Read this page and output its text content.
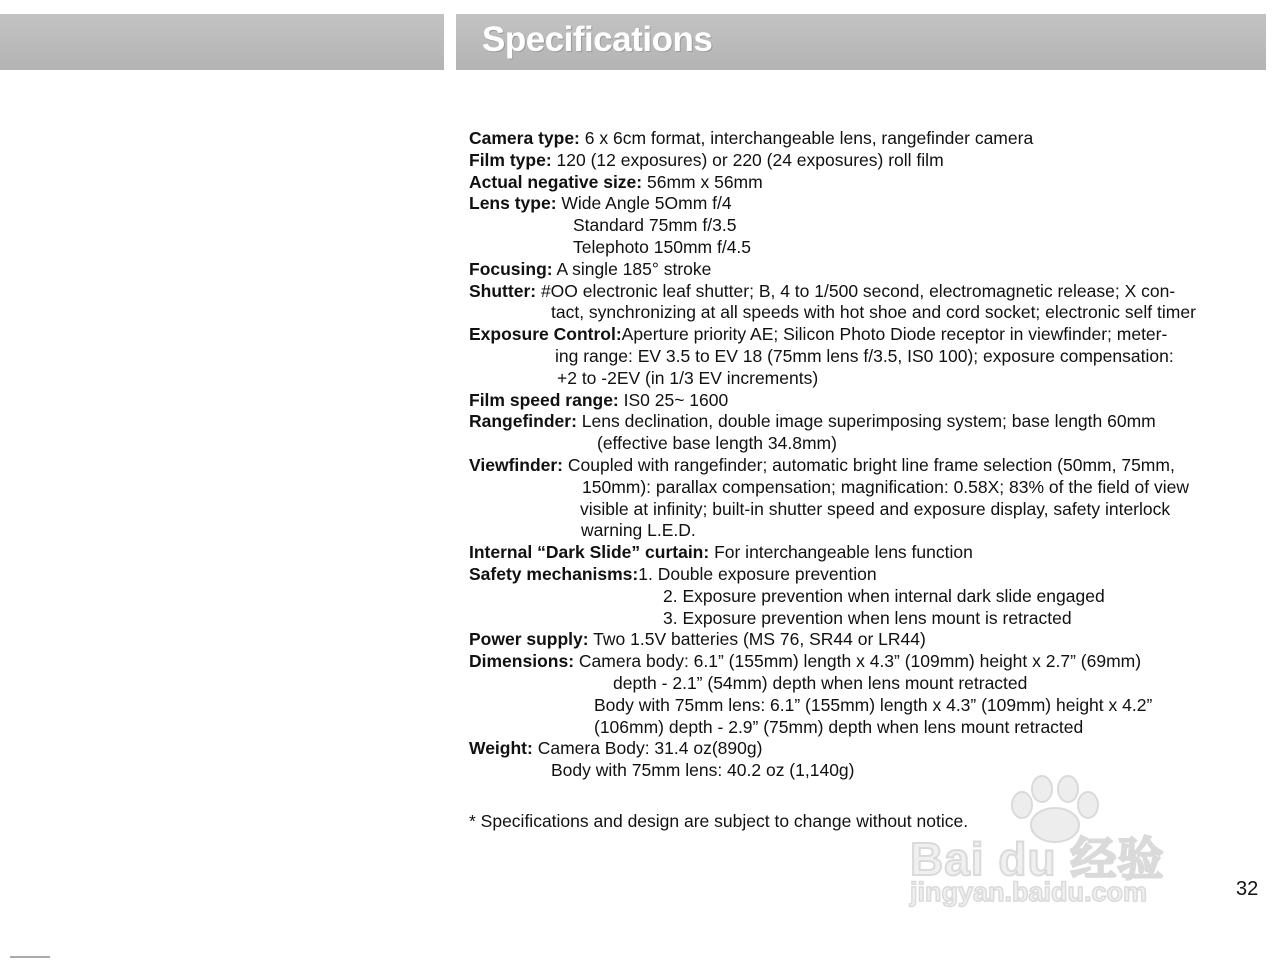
Specifications
Camera type: 6 x 6cm format, interchangeable lens, rangefinder camera
Film type: 120 (12 exposures) or 220 (24 exposures) roll film
Actual negative size: 56mm x 56mm
Lens type: Wide Angle 5Omm f/4
Standard 75mm f/3.5
Telephoto 150mm f/4.5
Focusing: A single 185° stroke
Shutter: #OO electronic leaf shutter; B, 4 to 1/500 second, electromagnetic release; X con-
tact, synchronizing at all speeds with hot shoe and cord socket; electronic self timer
Exposure Control:Aperture priority AE; Silicon Photo Diode receptor in viewfinder; meter-
ing range: EV 3.5 to EV 18 (75mm lens f/3.5, IS0 100); exposure compensation:
+2 to -2EV (in 1/3 EV increments)
Film speed range: IS0 25~ 1600
Rangefinder: Lens declination, double image superimposing system; base length 60mm
(effective base length 34.8mm)
Viewfinder: Coupled with rangefinder; automatic bright line frame selection (50mm, 75mm,
150mm): parallax compensation; magnification: 0.58X; 83% of the field of view
visible at infinity; built-in shutter speed and exposure display, safety interlock
warning L.E.D.
Internal “Dark Slide” curtain: For interchangeable lens function
Safety mechanisms:1. Double exposure prevention
2. Exposure prevention when internal dark slide engaged
3. Exposure prevention when lens mount is retracted
Power supply: Two 1.5V batteries (MS 76, SR44 or LR44)
Dimensions: Camera body: 6.1” (155mm) length x 4.3” (109mm) height x 2.7” (69mm)
depth - 2.1” (54mm) depth when lens mount retracted
Body with 75mm lens: 6.1” (155mm) length x 4.3” (109mm) height x 4.2”
(106mm) depth - 2.9” (75mm) depth when lens mount retracted
Weight: Camera Body: 31.4 oz(890g)
Body with 75mm lens: 40.2 oz (1,140g)
* Specifications and design are subject to change without notice.
32
Bai du 经验
jingyan.baidu.com
